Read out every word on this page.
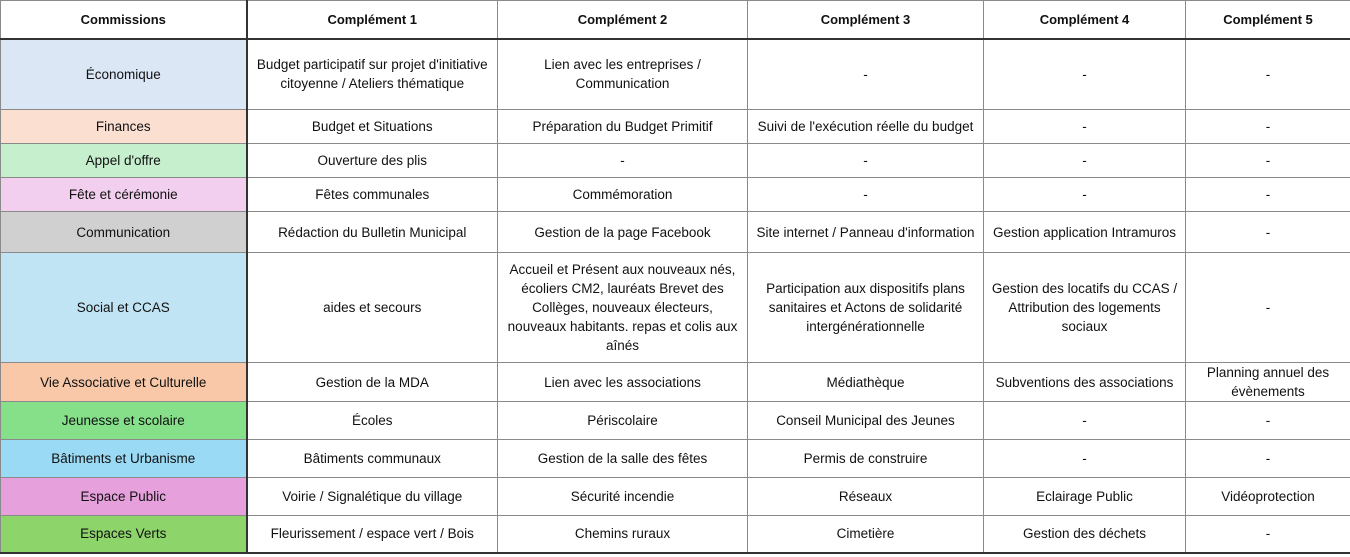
Commissions	Complément 1	Complément 2	Complément 3	Complément 4	Complément 5
Économique	Budget participatif sur projet d'initiative citoyenne / Ateliers thématique	Lien avec les entreprises / Communication	-	-	-
Finances	Budget et Situations	Préparation du Budget Primitif	Suivi de l'exécution réelle du budget	-	-
Appel d'offre	Ouverture des plis	-	-	-	-
Fête et cérémonie	Fêtes communales	Commémoration	-	-	-
Communication	Rédaction du Bulletin Municipal	Gestion de la page Facebook	Site internet / Panneau d'information	Gestion application Intramuros	-
Social et CCAS	aides et secours	Accueil et Présent aux nouveaux nés, écoliers CM2, lauréats Brevet des Collèges, nouveaux électeurs, nouveaux habitants. repas et colis aux aînés	Participation aux dispositifs plans sanitaires et Actons de solidarité intergénérationnelle	Gestion des locatifs du CCAS / Attribution des logements sociaux	-
Vie Associative et Culturelle	Gestion de la MDA	Lien avec les associations	Médiathèque	Subventions des associations	Planning annuel des évènements
Jeunesse et scolaire	Écoles	Périscolaire	Conseil Municipal des Jeunes	-	-
Bâtiments et Urbanisme	Bâtiments communaux	Gestion de la salle des fêtes	Permis de construire	-	-
Espace Public	Voirie / Signalétique du village	Sécurité incendie	Réseaux	Eclairage Public	Vidéoprotection
Espaces Verts	Fleurissement / espace vert / Bois	Chemins ruraux	Cimetière	Gestion des déchets	-
